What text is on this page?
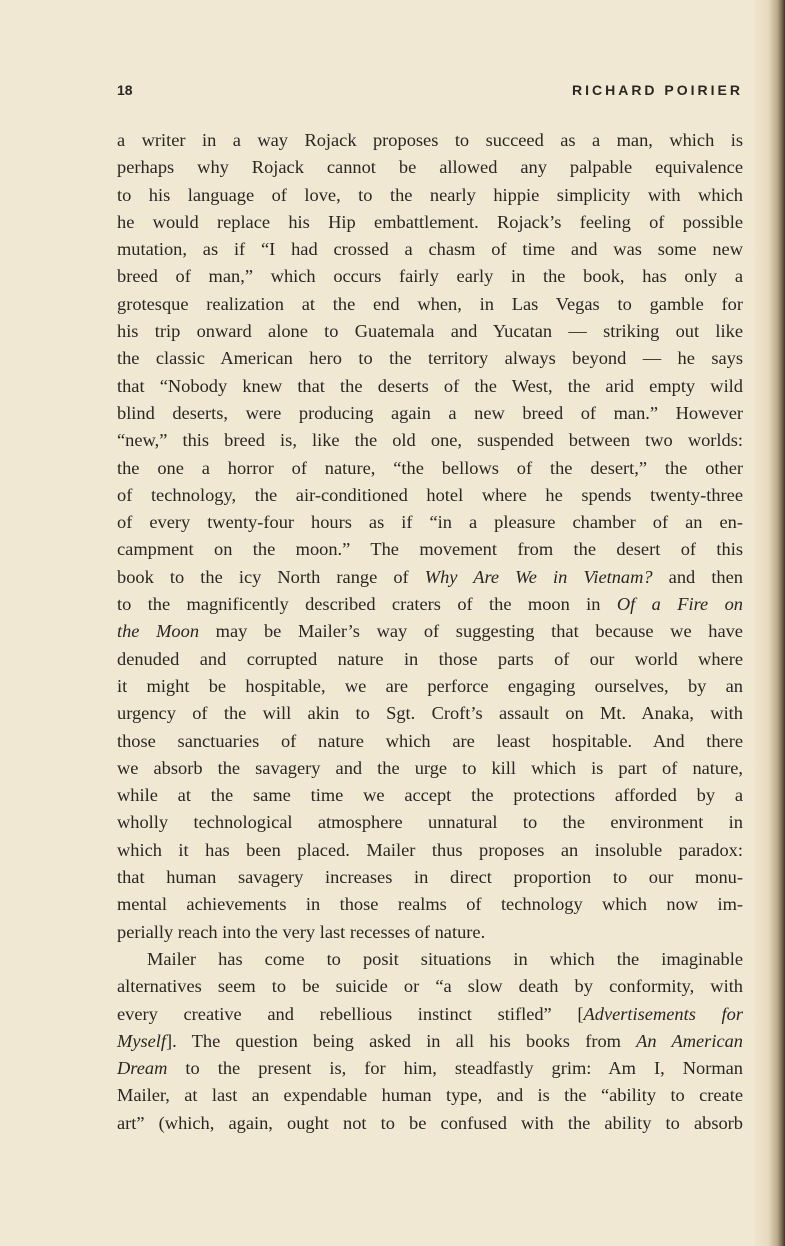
18	RICHARD POIRIER
a writer in a way Rojack proposes to succeed as a man, which is
perhaps why Rojack cannot be allowed any palpable equivalence
to his language of love, to the nearly hippie simplicity with which
he would replace his Hip embattlement. Rojack’s feeling of possible
mutation, as if “I had crossed a chasm of time and was some new
breed of man,” which occurs fairly early in the book, has only a
grotesque realization at the end when, in Las Vegas to gamble for
his trip onward alone to Guatemala and Yucatan — striking out like
the classic American hero to the territory always beyond — he says
that “Nobody knew that the deserts of the West, the arid empty wild
blind deserts, were producing again a new breed of man.” However
“new,” this breed is, like the old one, suspended between two worlds:
the one a horror of nature, “the bellows of the desert,” the other
of technology, the air-conditioned hotel where he spends twenty-three
of every twenty-four hours as if “in a pleasure chamber of an en-
campment on the moon.” The movement from the desert of this
book to the icy North range of Why Are We in Vietnam? and then
to the magnificently described craters of the moon in Of a Fire on
the Moon may be Mailer’s way of suggesting that because we have
denuded and corrupted nature in those parts of our world where
it might be hospitable, we are perforce engaging ourselves, by an
urgency of the will akin to Sgt. Croft’s assault on Mt. Anaka, with
those sanctuaries of nature which are least hospitable. And there
we absorb the savagery and the urge to kill which is part of nature,
while at the same time we accept the protections afforded by a
wholly technological atmosphere unnatural to the environment in
which it has been placed. Mailer thus proposes an insoluble paradox:
that human savagery increases in direct proportion to our monu-
mental achievements in those realms of technology which now im-
perially reach into the very last recesses of nature.
Mailer has come to posit situations in which the imaginable
alternatives seem to be suicide or “a slow death by conformity, with
every creative and rebellious instinct stifled” [Advertisements for
Myself]. The question being asked in all his books from An American
Dream to the present is, for him, steadfastly grim: Am I, Norman
Mailer, at last an expendable human type, and is the “ability to create
art” (which, again, ought not to be confused with the ability to absorb
